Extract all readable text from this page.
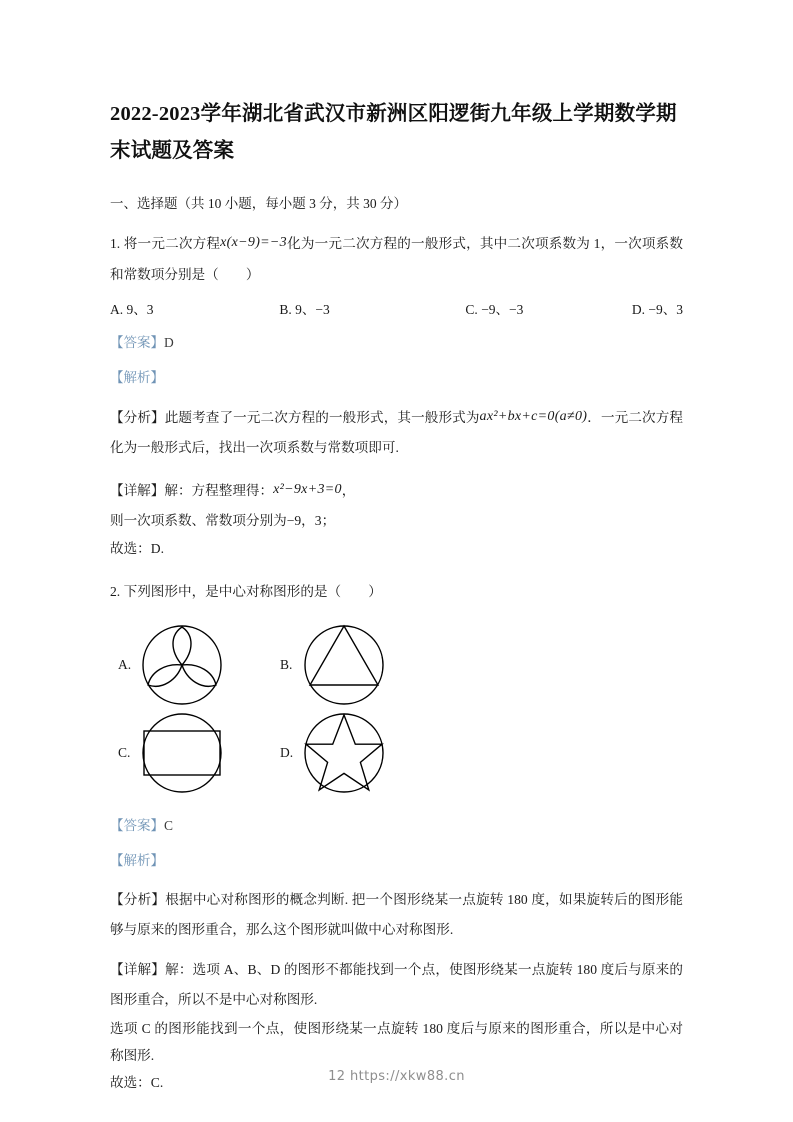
2022-2023学年湖北省武汉市新洲区阳逻街九年级上学期数学期末试题及答案
一、选择题（共 10 小题，每小题 3 分，共 30 分）
1. 将一元二次方程x(x−9)=−3化为一元二次方程的一般形式，其中二次项系数为 1，一次项系数和常数项分别是（　　）
A. 9、3	B. 9、−3	C. −9、−3	D. −9、3
【答案】D
【解析】
【分析】此题考查了一元二次方程的一般形式，其一般形式为ax²+bx+c=0(a≠0)．一元二次方程化为一般形式后，找出一次项系数与常数项即可.
【详解】解：方程整理得：x²−9x+3=0，
则一次项系数、常数项分别为−9，3；
故选：D.
2. 下列图形中，是中心对称图形的是（　　）
A.	B.
C.	D.
【答案】C
【解析】
【分析】根据中心对称图形的概念判断. 把一个图形绕某一点旋转 180 度，如果旋转后的图形能够与原来的图形重合，那么这个图形就叫做中心对称图形.
【详解】解：选项 A、B、D 的图形不都能找到一个点，使图形绕某一点旋转 180 度后与原来的图形重合，所以不是中心对称图形.
选项 C 的图形能找到一个点，使图形绕某一点旋转 180 度后与原来的图形重合，所以是中心对称图形.
故选：C.	12 https://xkw88.cn
